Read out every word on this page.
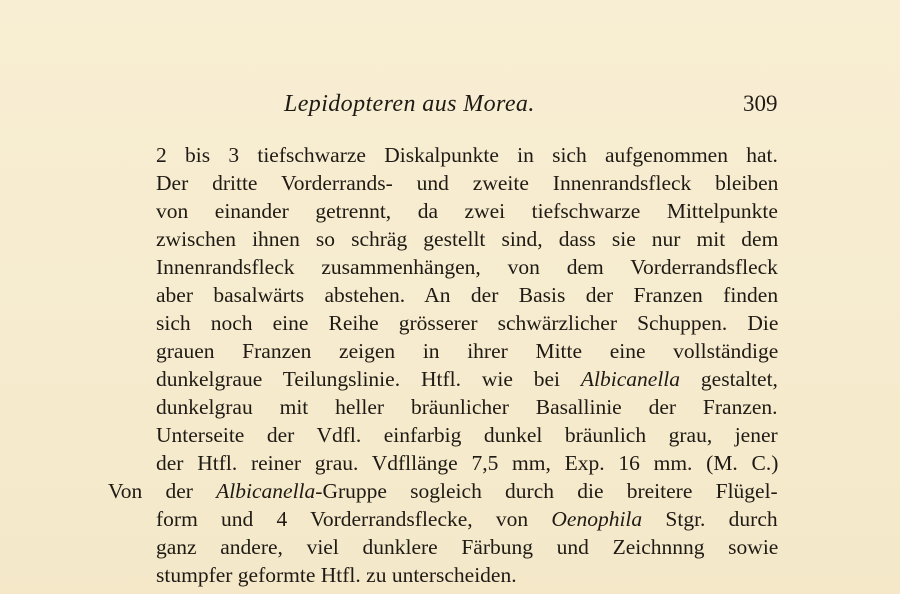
Lepidopteren aus Morea.	309
2 bis 3 tiefschwarze Diskalpunkte in sich aufgenommen hat.
Der dritte Vorderrands- und zweite Innenrandsfleck bleiben
von einander getrennt, da zwei tiefschwarze Mittelpunkte
zwischen ihnen so schräg gestellt sind, dass sie nur mit dem
Innenrandsfleck zusammenhängen, von dem Vorderrandsfleck
aber basalwärts abstehen. An der Basis der Franzen finden
sich noch eine Reihe grösserer schwärzlicher Schuppen. Die
grauen Franzen zeigen in ihrer Mitte eine vollständige
dunkelgraue Teilungslinie. Htfl. wie bei Albicanella gestaltet,
dunkelgrau mit heller bräunlicher Basallinie der Franzen.
Unterseite der Vdfl. einfarbig dunkel bräunlich grau, jener
der Htfl. reiner grau. Vdfllänge 7,5 mm, Exp. 16 mm. (M. C.)
Von der Albicanella-Gruppe sogleich durch die breitere Flügel-
form und 4 Vorderrandsflecke, von Oenophila Stgr. durch
ganz andere, viel dunklere Färbung und Zeichnnng sowie
stumpfer geformte Htfl. zu unterscheiden.
